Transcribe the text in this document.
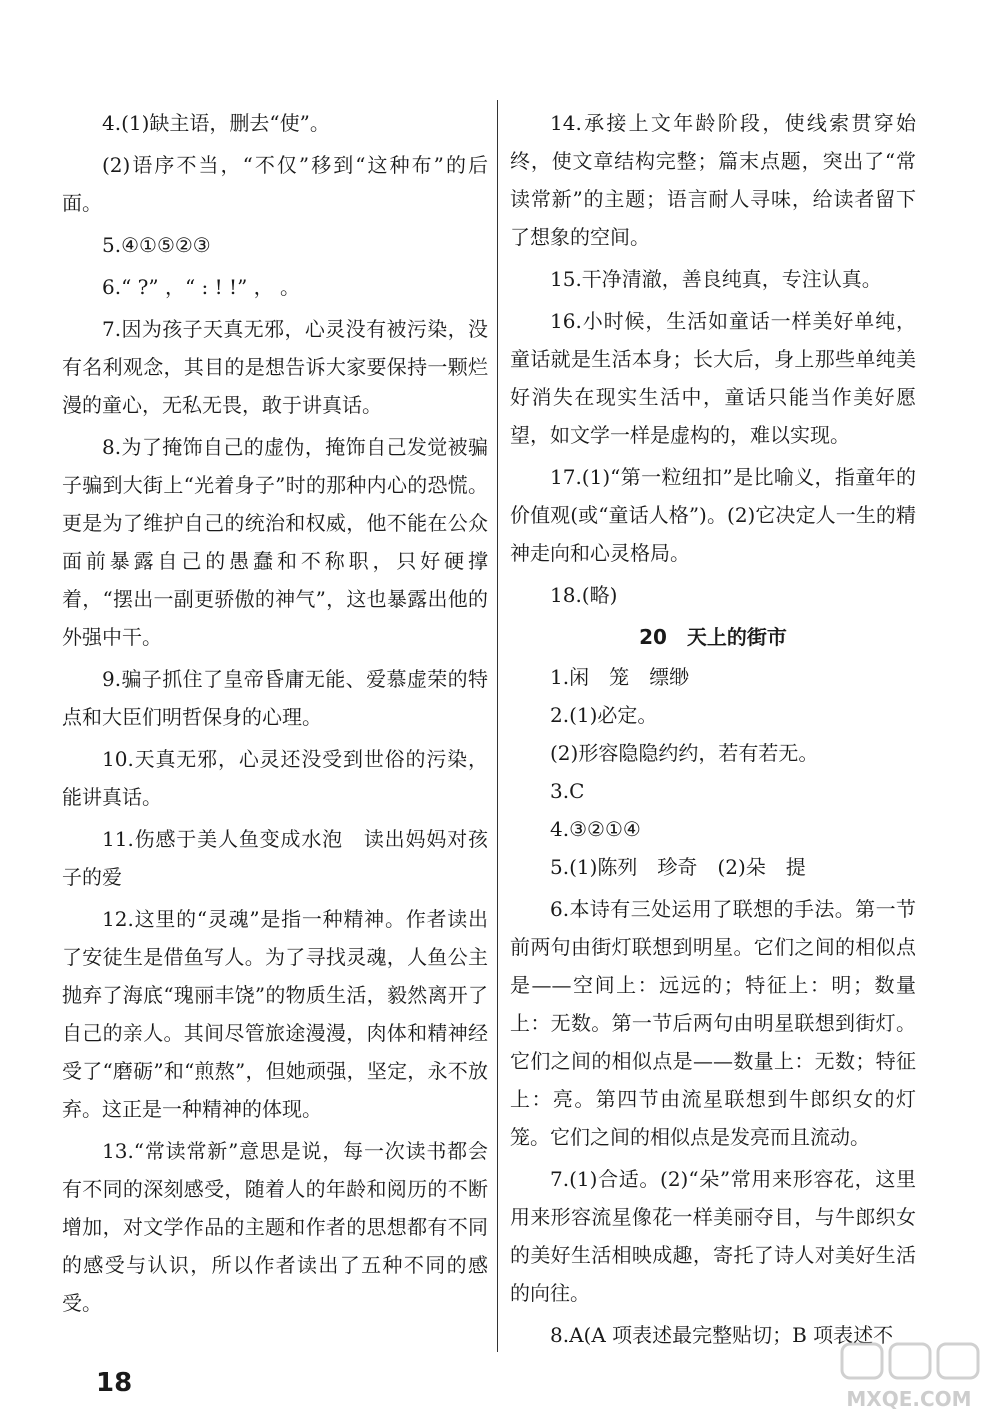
4.(1)缺主语，删去“使”。

(2)语序不当，“不仅”移到“这种布”的后面。

5.④①⑤②③

6.“ ?” ，“ : ! !” ， 。

7.因为孩子天真无邪，心灵没有被污染，没有名利观念，其目的是想告诉大家要保持一颗烂漫的童心，无私无畏，敢于讲真话。

8.为了掩饰自己的虚伪，掩饰自己发觉被骗子骗到大街上“光着身子”时的那种内心的恐慌。更是为了维护自己的统治和权威，他不能在公众面前暴露自己的愚蠢和不称职，只好硬撑着，“摆出一副更骄傲的神气”，这也暴露出他的外强中干。

9.骗子抓住了皇帝昏庸无能、爱慕虚荣的特点和大臣们明哲保身的心理。

10.天真无邪，心灵还没受到世俗的污染，能讲真话。

11.伤感于美人鱼变成水泡　读出妈妈对孩子的爱

12.这里的“灵魂”是指一种精神。作者读出了安徒生是借鱼写人。为了寻找灵魂，人鱼公主抛弃了海底“瑰丽丰饶”的物质生活，毅然离开了自己的亲人。其间尽管旅途漫漫，肉体和精神经受了“磨砺”和“煎熬”，但她顽强，坚定，永不放弃。这正是一种精神的体现。

13.“常读常新”意思是说，每一次读书都会有不同的深刻感受，随着人的年龄和阅历的不断增加，对文学作品的主题和作者的思想都有不同的感受与认识，所以作者读出了五种不同的感受。

14.承接上文年龄阶段，使线索贯穿始终，使文章结构完整；篇末点题，突出了“常读常新”的主题；语言耐人寻味，给读者留下了想象的空间。

15.干净清澈，善良纯真，专注认真。

16.小时候，生活如童话一样美好单纯，童话就是生活本身；长大后，身上那些单纯美好消失在现实生活中，童话只能当作美好愿望，如文学一样是虚构的，难以实现。

17.(1)“第一粒纽扣”是比喻义，指童年的价值观(或“童话人格”)。(2)它决定人一生的精神走向和心灵格局。

18.(略)

20　天上的街市

1.闲　笼　缥缈

2.(1)必定。

(2)形容隐隐约约，若有若无。

3.C

4.③②①④

5.(1)陈列　珍奇　(2)朵　提

6.本诗有三处运用了联想的手法。第一节前两句由街灯联想到明星。它们之间的相似点是——空间上：远远的；特征上：明；数量上：无数。第一节后两句由明星联想到街灯。它们之间的相似点是——数量上：无数；特征上：亮。第四节由流星联想到牛郎织女的灯笼。它们之间的相似点是发亮而且流动。

7.(1)合适。(2)“朵”常用来形容花，这里用来形容流星像花一样美丽夺目，与牛郎织女的美好生活相映成趣，寄托了诗人对美好生活的向往。

8.A(A 项表述最完整贴切；B 项表述不

18
MXQE.COM
